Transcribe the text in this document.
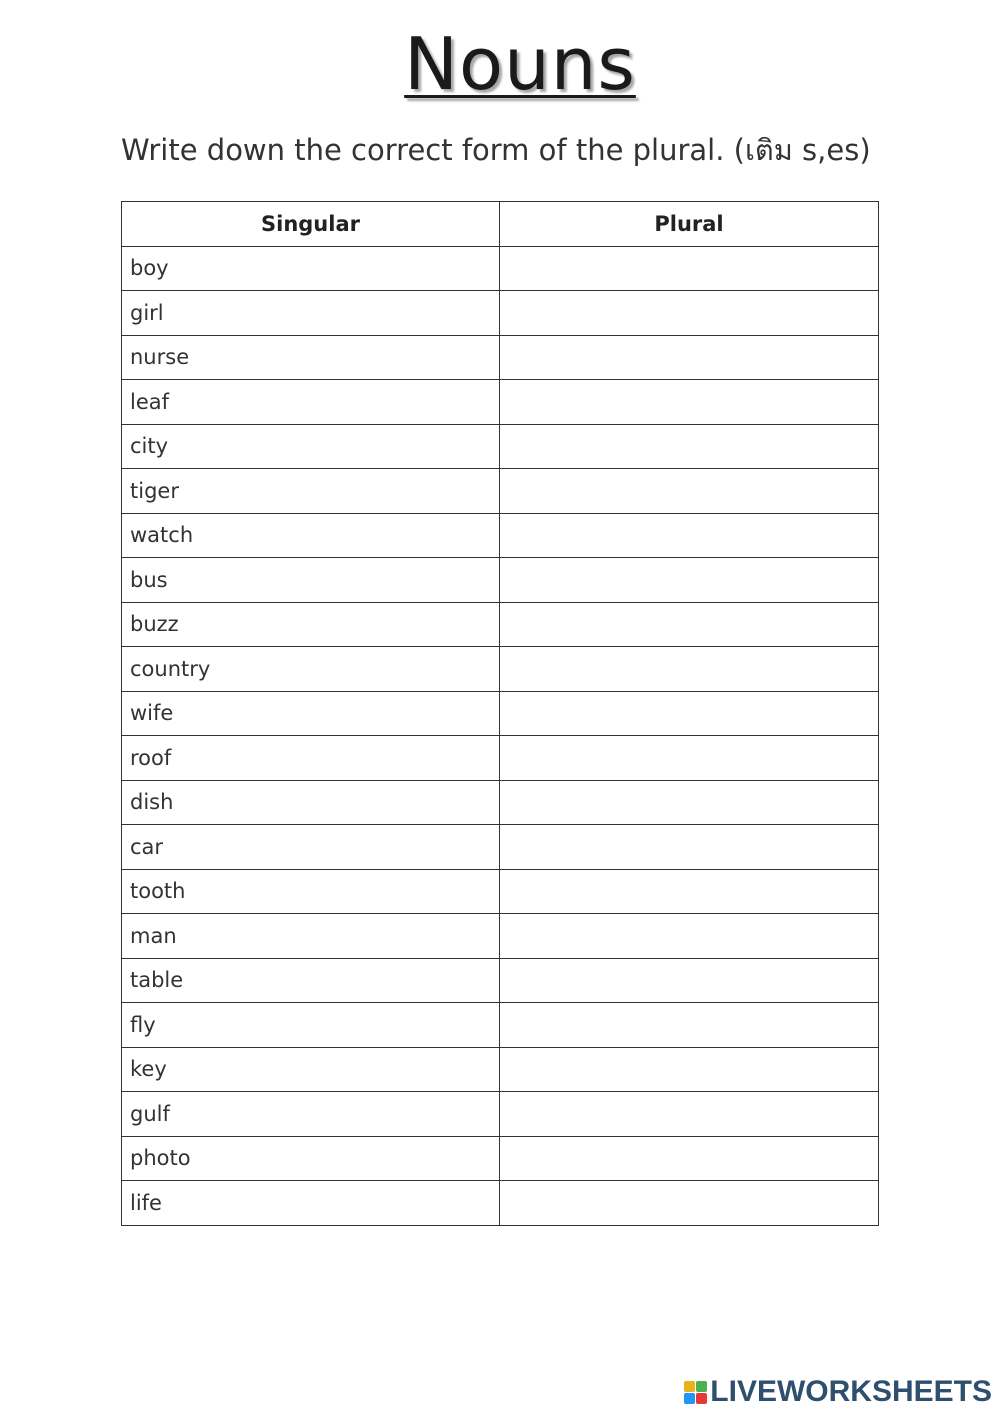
Nouns
Write down the correct form of the plural. (เติม s,es)
Singular	Plural
boy	
girl	
nurse	
leaf	
city	
tiger	
watch	
bus	
buzz	
country	
wife	
roof	
dish	
car	
tooth	
man	
table	
fly	
key	
gulf	
photo	
life	
LIVEWORKSHEETS
